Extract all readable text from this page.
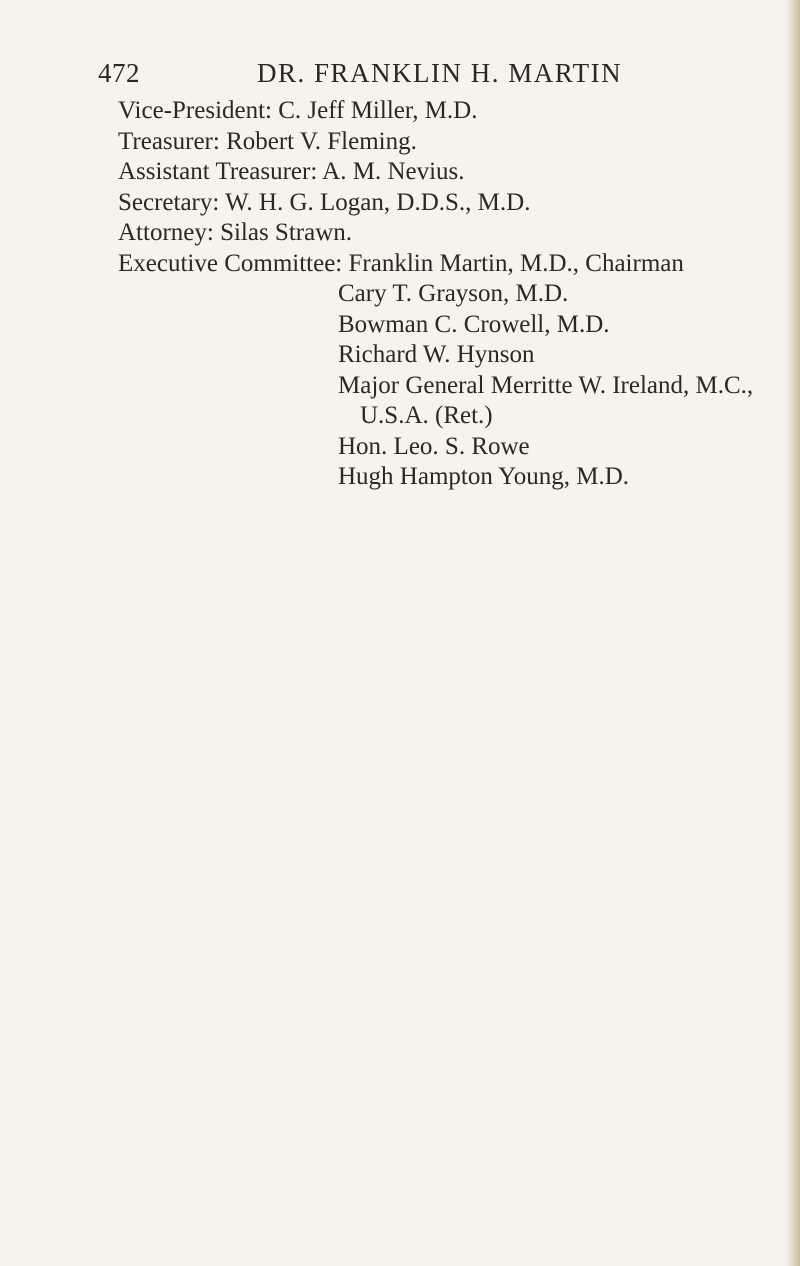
472	DR. FRANKLIN H. MARTIN
Vice-President: C. Jeff Miller, M.D.
Treasurer: Robert V. Fleming.
Assistant Treasurer: A. M. Nevius.
Secretary: W. H. G. Logan, D.D.S., M.D.
Attorney: Silas Strawn.
Executive Committee: Franklin Martin, M.D., Chairman
Cary T. Grayson, M.D.
Bowman C. Crowell, M.D.
Richard W. Hynson
Major General Merritte W. Ireland, M.C.,
U.S.A. (Ret.)
Hon. Leo. S. Rowe
Hugh Hampton Young, M.D.
